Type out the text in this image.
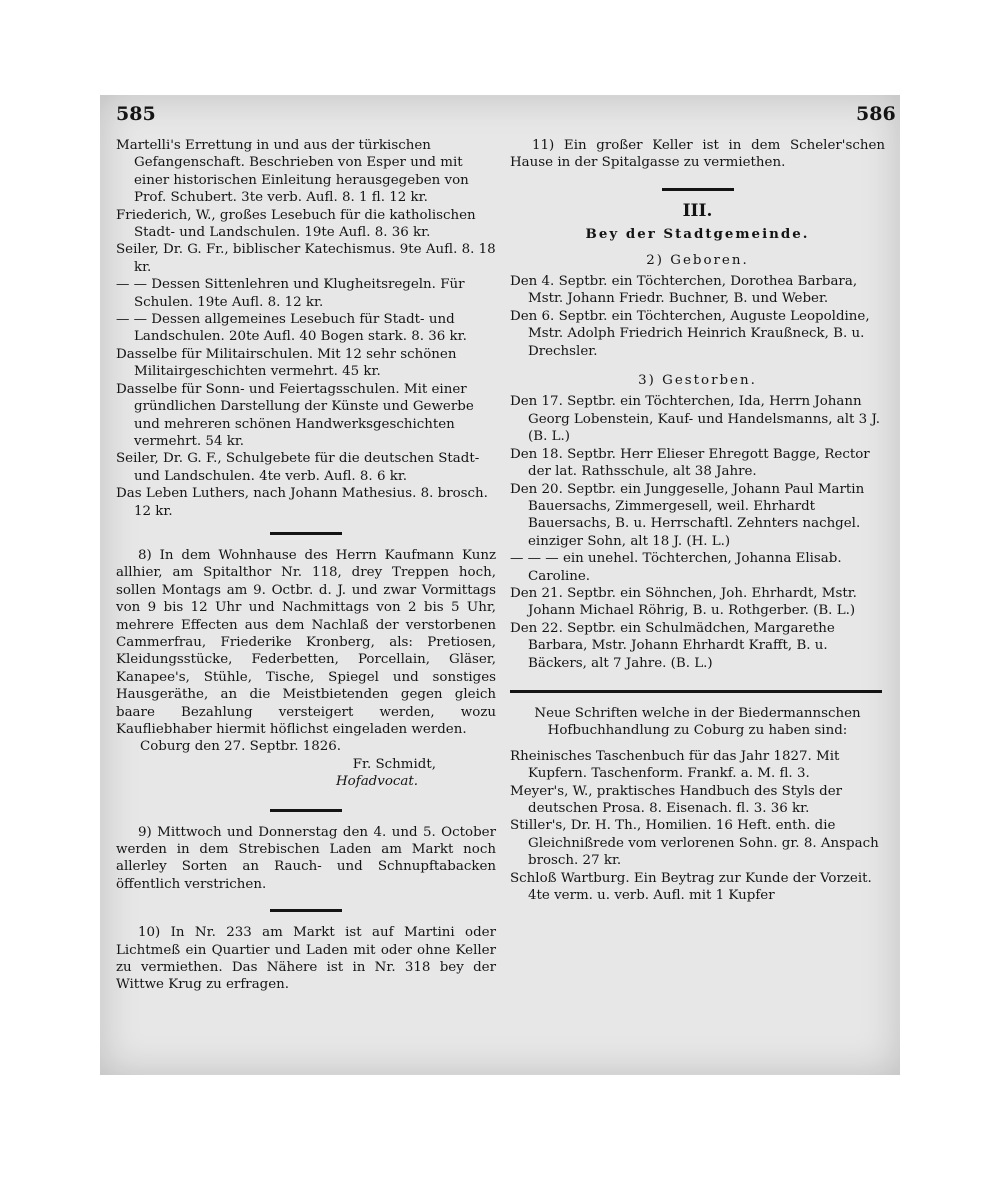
585	586

Martelli's Errettung in und aus der türkischen Gefangenschaft. Beschrieben von Esper und mit einer historischen Einleitung herausgegeben von Prof. Schubert. 3te verb. Aufl. 8. 1 fl. 12 kr.

Friederich, W., großes Lesebuch für die katholischen Stadt- und Landschulen. 19te Aufl. 8. 36 kr.

Seiler, Dr. G. Fr., biblischer Katechismus. 9te Aufl. 8. 18 kr.

— — Dessen Sittenlehren und Klugheitsregeln. Für Schulen. 19te Aufl. 8. 12 kr.

— — Dessen allgemeines Lesebuch für Stadt- und Landschulen. 20te Aufl. 40 Bogen stark. 8. 36 kr.

Dasselbe für Militairschulen. Mit 12 sehr schönen Militairgeschichten vermehrt. 45 kr.

Dasselbe für Sonn- und Feiertagsschulen. Mit einer gründlichen Darstellung der Künste und Gewerbe und mehreren schönen Handwerksgeschichten vermehrt. 54 kr.

Seiler, Dr. G. F., Schulgebete für die deutschen Stadt- und Landschulen. 4te verb. Aufl. 8. 6 kr.

Das Leben Luthers, nach Johann Mathesius. 8. brosch. 12 kr.

8) In dem Wohnhause des Herrn Kaufmann Kunz allhier, am Spitalthor Nr. 118, drey Treppen hoch, sollen Montags am 9. Octbr. d. J. und zwar Vormittags von 9 bis 12 Uhr und Nachmittags von 2 bis 5 Uhr, mehrere Effecten aus dem Nachlaß der verstorbenen Cammerfrau, Friederike Kronberg, als: Pretiosen, Kleidungsstücke, Federbetten, Porcellain, Gläser, Kanapee's, Stühle, Tische, Spiegel und sonstiges Hausgeräthe, an die Meistbietenden gegen gleich baare Bezahlung versteigert werden, wozu Kaufliebhaber hiermit höflichst eingeladen werden.

Coburg den 27. Septbr. 1826.

Fr. Schmidt,

Hofadvocat.

9) Mittwoch und Donnerstag den 4. und 5. October werden in dem Strebischen Laden am Markt noch allerley Sorten an Rauch- und Schnupftabacken öffentlich verstrichen.

10) In Nr. 233 am Markt ist auf Martini oder Lichtmeß ein Quartier und Laden mit oder ohne Keller zu vermiethen. Das Nähere ist in Nr. 318 bey der Wittwe Krug zu erfragen.

11) Ein großer Keller ist in dem Scheler'schen Hause in der Spitalgasse zu vermiethen.

III.
Bey der Stadtgemeinde.
2) Geboren.

Den 4. Septbr. ein Töchterchen, Dorothea Barbara, Mstr. Johann Friedr. Buchner, B. und Weber.

Den 6. Septbr. ein Töchterchen, Auguste Leopoldine, Mstr. Adolph Friedrich Heinrich Kraußneck, B. u. Drechsler.

3) Gestorben.

Den 17. Septbr. ein Töchterchen, Ida, Herrn Johann Georg Lobenstein, Kauf- und Handelsmanns, alt 3 J. (B. L.)

Den 18. Septbr. Herr Elieser Ehregott Bagge, Rector der lat. Rathsschule, alt 38 Jahre.

Den 20. Septbr. ein Junggeselle, Johann Paul Martin Bauersachs, Zimmergesell, weil. Ehrhardt Bauersachs, B. u. Herrschaftl. Zehnters nachgel. einziger Sohn, alt 18 J. (H. L.)

— — — ein unehel. Töchterchen, Johanna Elisab. Caroline.

Den 21. Septbr. ein Söhnchen, Joh. Ehrhardt, Mstr. Johann Michael Röhrig, B. u. Rothgerber. (B. L.)

Den 22. Septbr. ein Schulmädchen, Margarethe Barbara, Mstr. Johann Ehrhardt Krafft, B. u. Bäckers, alt 7 Jahre. (B. L.)

Neue Schriften welche in der Biedermannschen Hofbuchhandlung zu Coburg zu haben sind:

Rheinisches Taschenbuch für das Jahr 1827. Mit Kupfern. Taschenform. Frankf. a. M. fl. 3.

Meyer's, W., praktisches Handbuch des Styls der deutschen Prosa. 8. Eisenach. fl. 3. 36 kr.

Stiller's, Dr. H. Th., Homilien. 16 Heft. enth. die Gleichnißrede vom verlorenen Sohn. gr. 8. Anspach brosch. 27 kr.

Schloß Wartburg. Ein Beytrag zur Kunde der Vorzeit. 4te verm. u. verb. Aufl. mit 1 Kupfer
